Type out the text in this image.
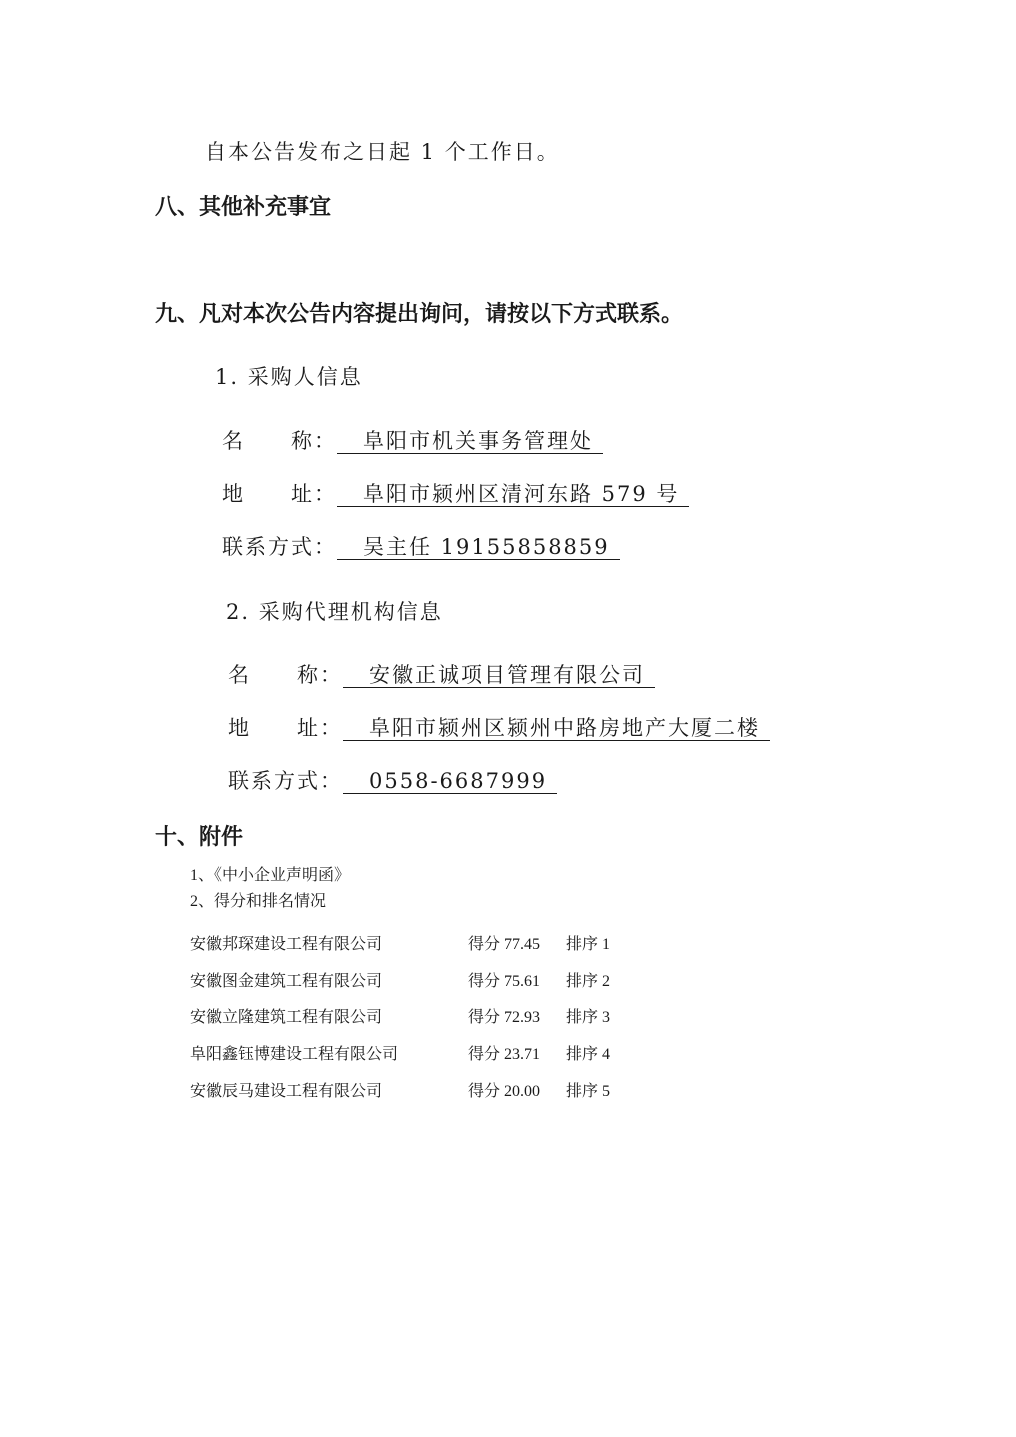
自本公告发布之日起 1 个工作日。
八、其他补充事宜
九、凡对本次公告内容提出询问，请按以下方式联系。
1. 采购人信息
名　　称： 阜阳市机关事务管理处
地　　址： 阜阳市颍州区清河东路 579 号
联系方式： 吴主任 19155858859
2. 采购代理机构信息
名　　称： 安徽正诚项目管理有限公司
地　　址： 阜阳市颍州区颍州中路房地产大厦二楼
联系方式： 0558-6687999
十、附件
1、《中小企业声明函》
2、得分和排名情况
安徽邦琛建设工程有限公司	得分 77.45	排序 1
安徽图金建筑工程有限公司	得分 75.61	排序 2
安徽立隆建筑工程有限公司	得分 72.93	排序 3
阜阳鑫钰博建设工程有限公司	得分 23.71	排序 4
安徽辰马建设工程有限公司	得分 20.00	排序 5
